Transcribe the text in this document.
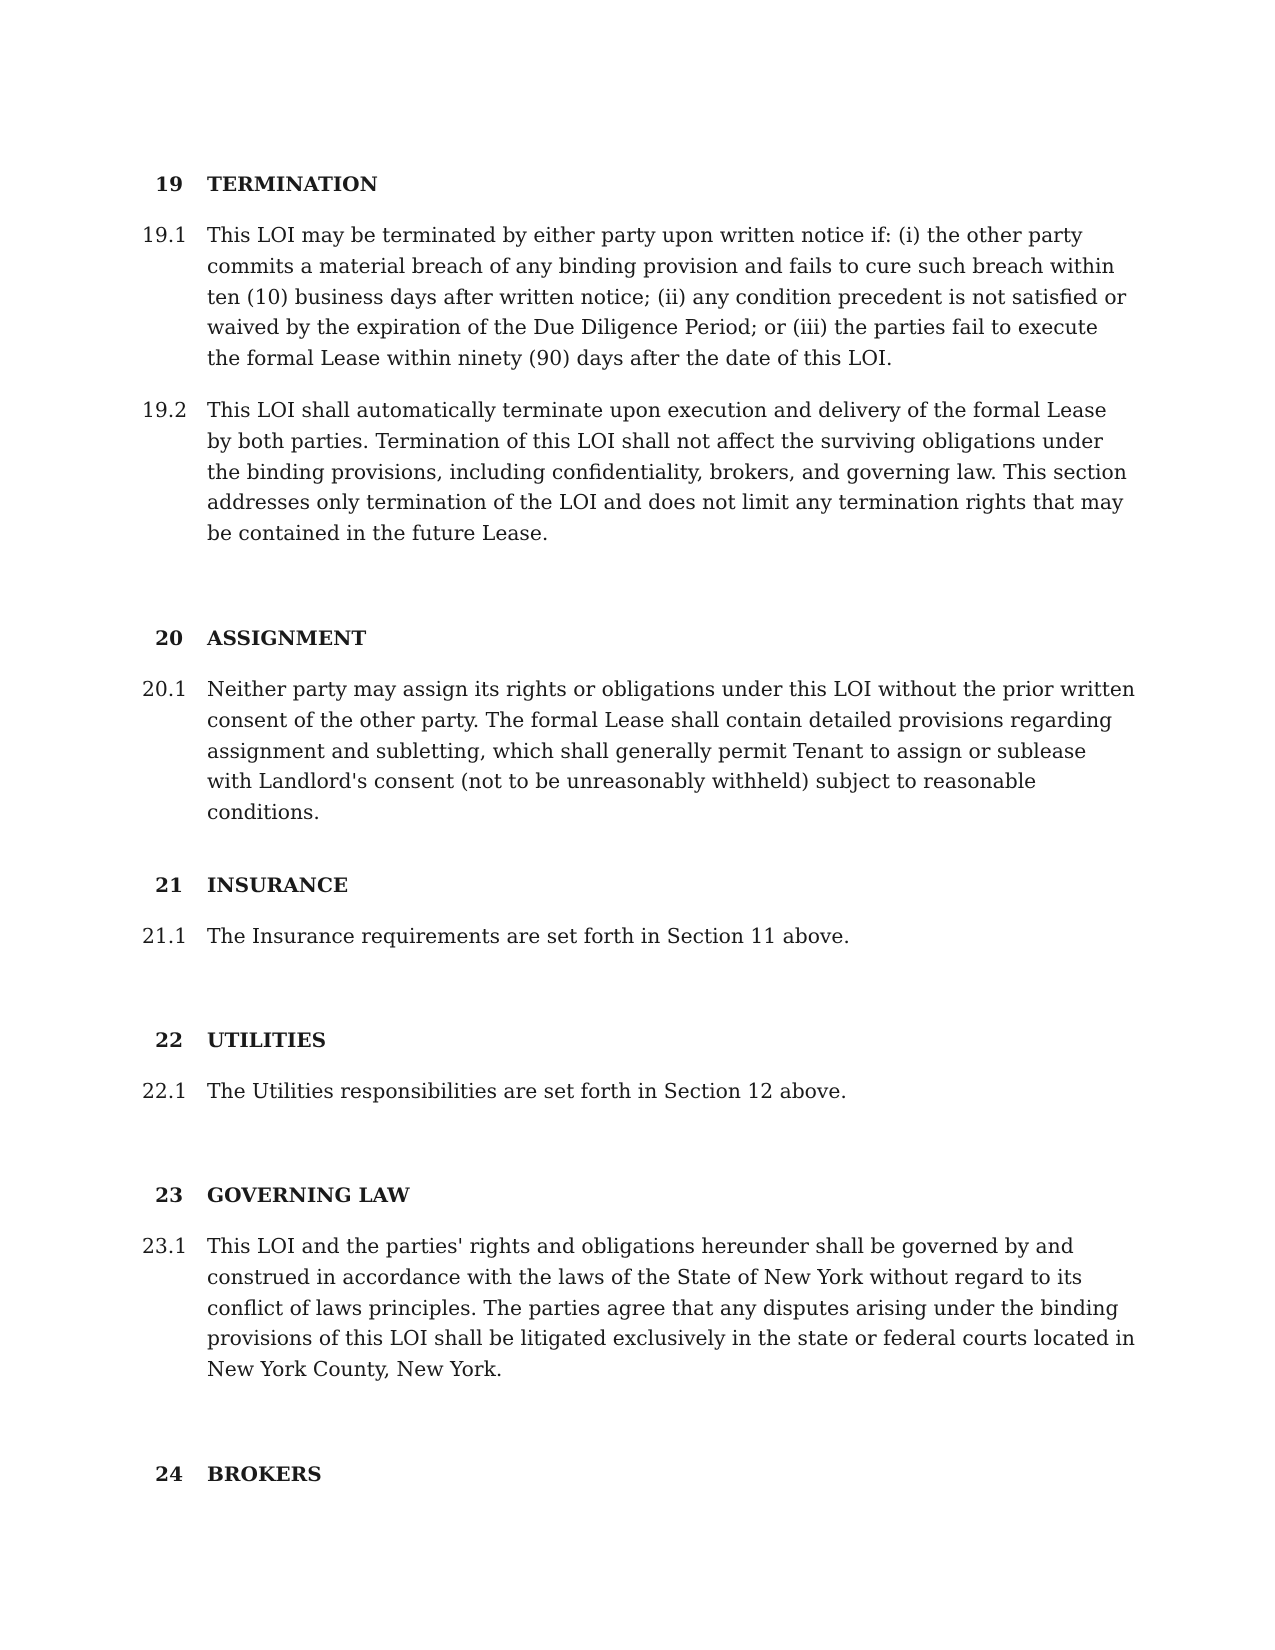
19 TERMINATION
19.1 This LOI may be terminated by either party upon written notice if: (i) the other party commits a material breach of any binding provision and fails to cure such breach within ten (10) business days after written notice; (ii) any condition precedent is not satisfied or waived by the expiration of the Due Diligence Period; or (iii) the parties fail to execute the formal Lease within ninety (90) days after the date of this LOI.
19.2 This LOI shall automatically terminate upon execution and delivery of the formal Lease by both parties. Termination of this LOI shall not affect the surviving obligations under the binding provisions, including confidentiality, brokers, and governing law. This section addresses only termination of the LOI and does not limit any termination rights that may be contained in the future Lease.
20 ASSIGNMENT
20.1 Neither party may assign its rights or obligations under this LOI without the prior written consent of the other party. The formal Lease shall contain detailed provisions regarding assignment and subletting, which shall generally permit Tenant to assign or sublease with Landlord's consent (not to be unreasonably withheld) subject to reasonable conditions.
21 INSURANCE
21.1 The Insurance requirements are set forth in Section 11 above.
22 UTILITIES
22.1 The Utilities responsibilities are set forth in Section 12 above.
23 GOVERNING LAW
23.1 This LOI and the parties' rights and obligations hereunder shall be governed by and construed in accordance with the laws of the State of New York without regard to its conflict of laws principles. The parties agree that any disputes arising under the binding provisions of this LOI shall be litigated exclusively in the state or federal courts located in New York County, New York.
24 BROKERS
